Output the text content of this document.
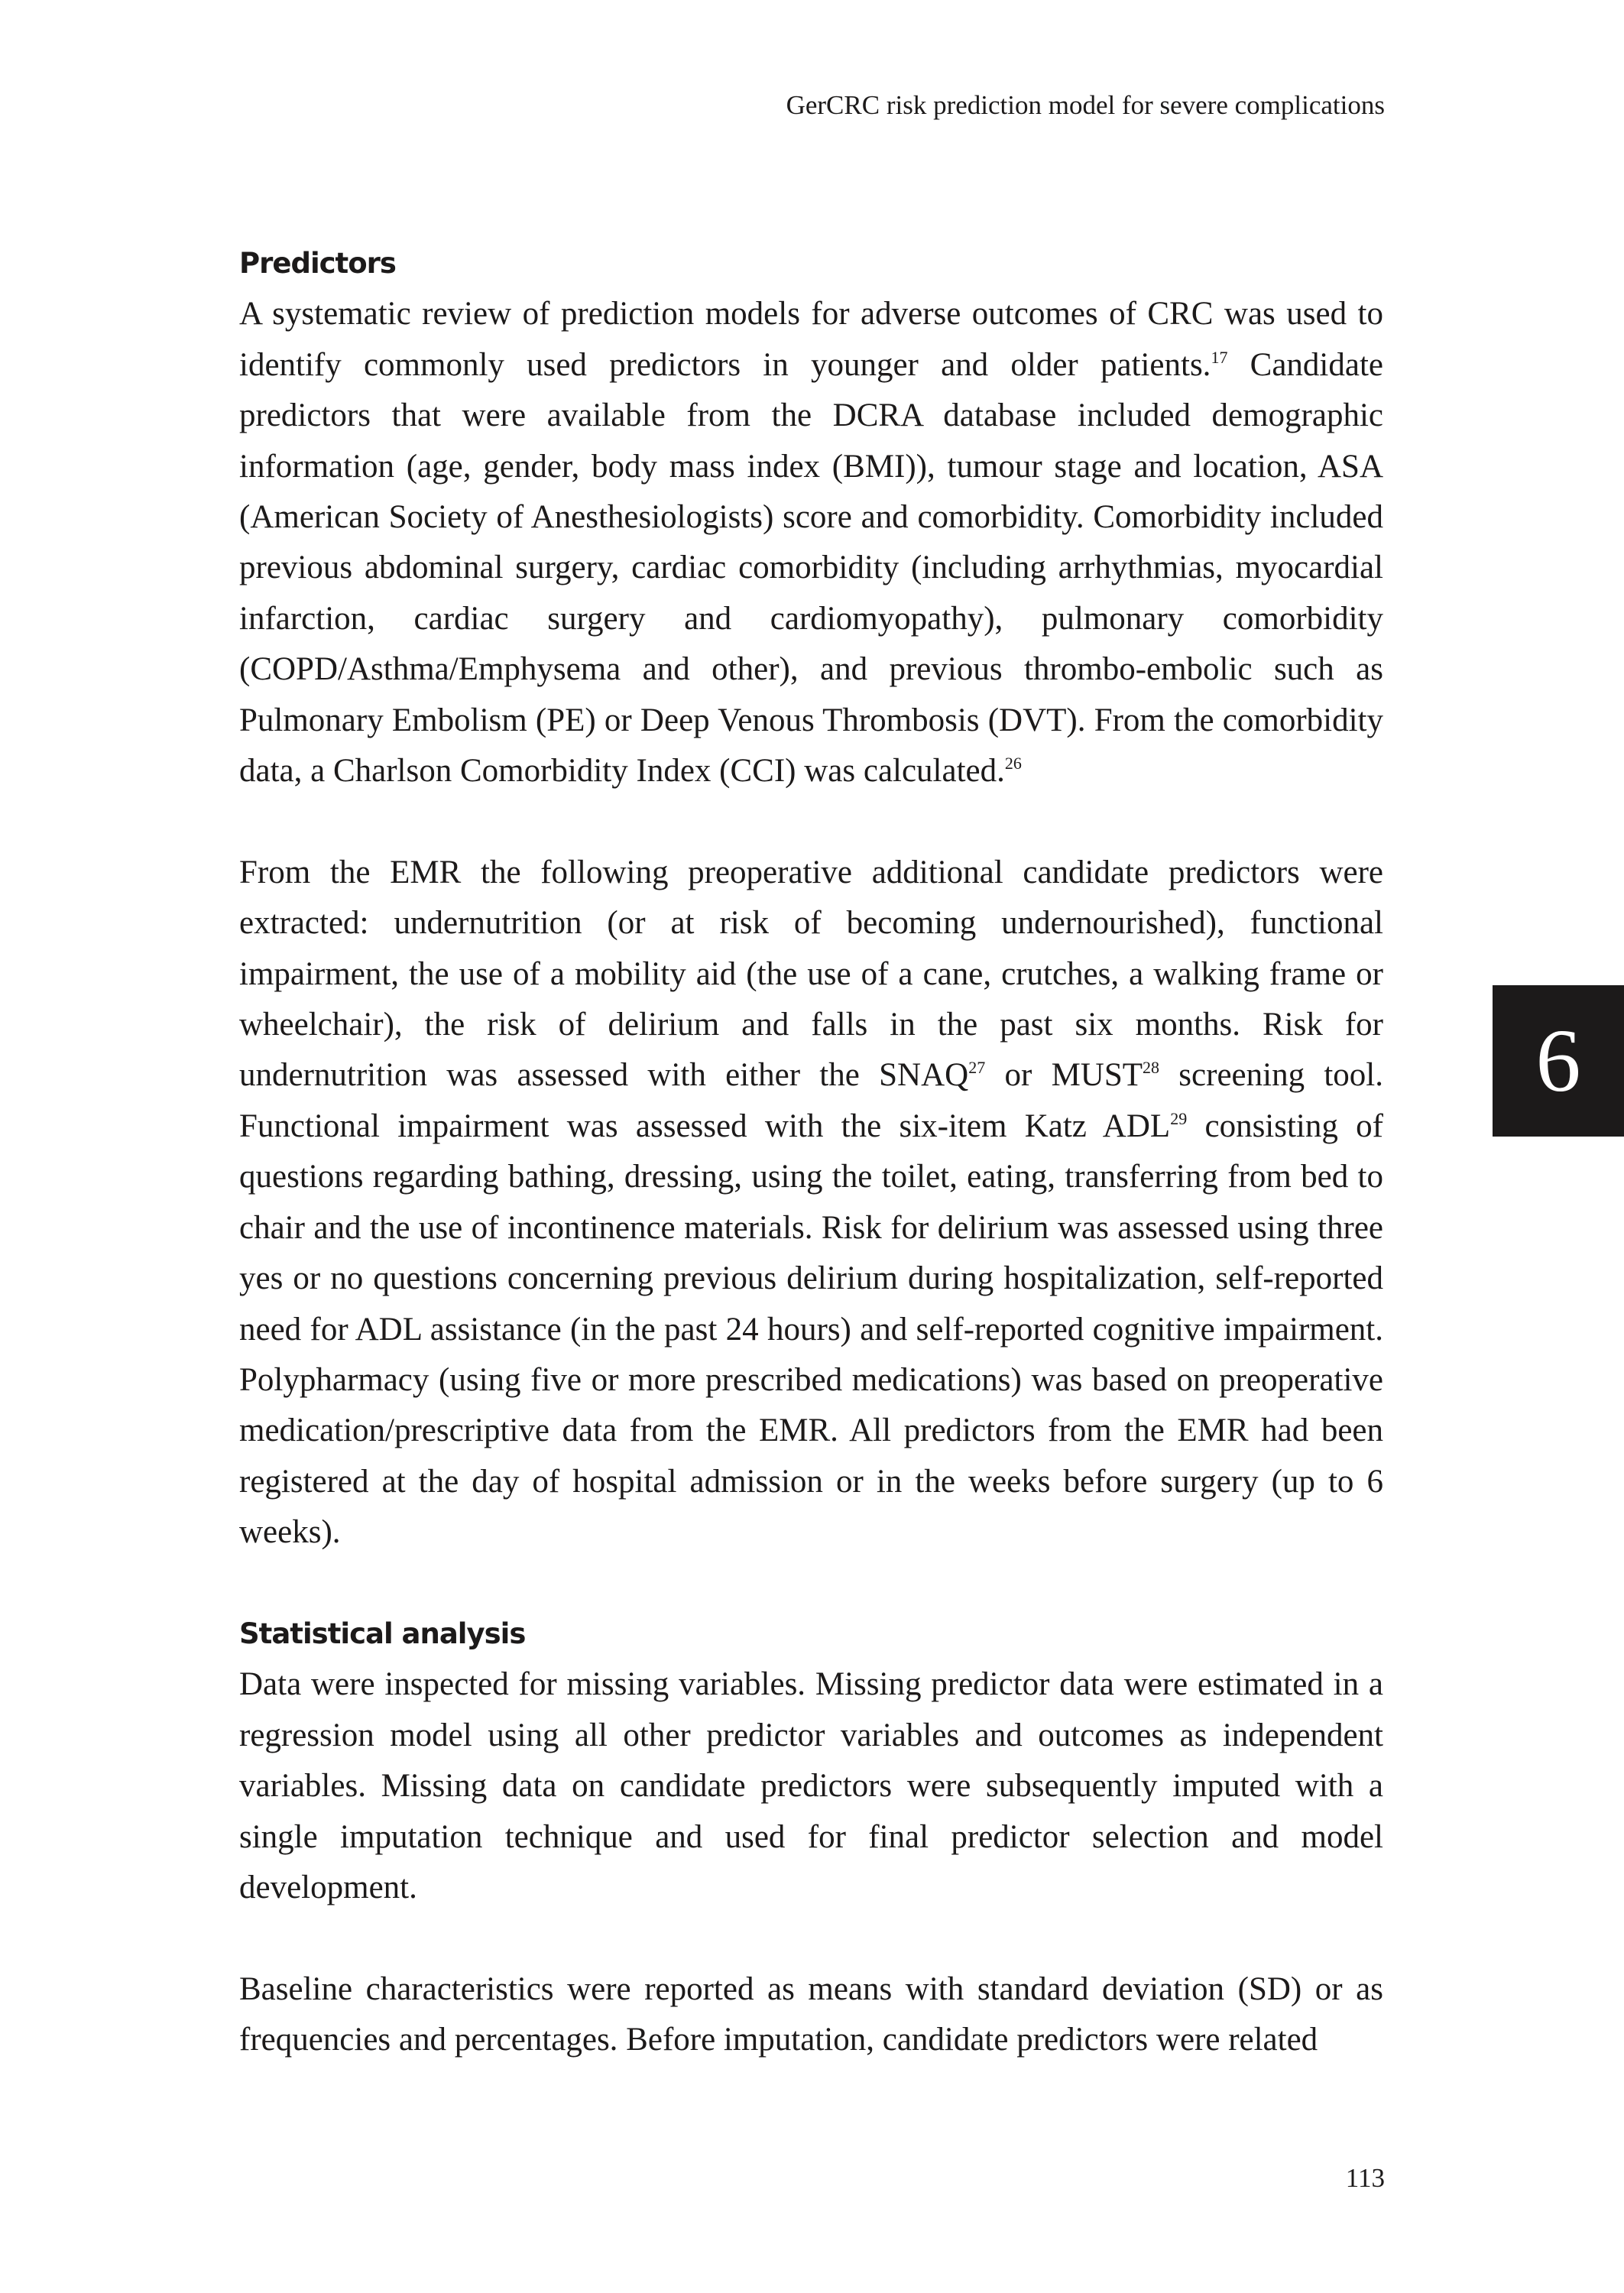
GerCRC risk prediction model for severe complications
Predictors

A systematic review of prediction models for adverse outcomes of CRC was used to identify commonly used predictors in younger and older patients.$^{17}$ Candidate predictors that were available from the DCRA database included demographic information (age, gender, body mass index (BMI)), tumour stage and location, ASA (American Society of Anesthesiologists) score and comorbidity. Comorbidity included previous abdominal surgery, cardiac comorbidity (including arrhythmias, myocardial infarction, cardiac surgery and cardiomyopathy), pulmonary comorbidity (COPD/Asthma/Emphysema and other), and previous thrombo-embolic such as Pulmonary Embolism (PE) or Deep Venous Thrombosis (DVT). From the comorbidity data, a Charlson Comorbidity Index (CCI) was calculated.$^{26}$

From the EMR the following preoperative additional candidate predictors were extracted: undernutrition (or at risk of becoming undernourished), functional impairment, the use of a mobility aid (the use of a cane, crutches, a walking frame or wheelchair), the risk of delirium and falls in the past six months. Risk for undernutrition was assessed with either the SNAQ$^{27}$ or MUST$^{28}$ screening tool. Functional impairment was assessed with the six-item Katz ADL$^{29}$ consisting of questions regarding bathing, dressing, using the toilet, eating, transferring from bed to chair and the use of incontinence materials. Risk for delirium was assessed using three yes or no questions concerning previous delirium during hospitalization, self-reported need for ADL assistance (in the past 24 hours) and self-reported cognitive impairment. Polypharmacy (using five or more prescribed medications) was based on preoperative medication/prescriptive data from the EMR. All predictors from the EMR had been registered at the day of hospital admission or in the weeks before surgery (up to 6 weeks).

Statistical analysis

Data were inspected for missing variables. Missing predictor data were estimated in a regression model using all other predictor variables and outcomes as independent variables. Missing data on candidate predictors were subsequently imputed with a single imputation technique and used for final predictor selection and model development.

Baseline characteristics were reported as means with standard deviation (SD) or as frequencies and percentages. Before imputation, candidate predictors were related

6
113
